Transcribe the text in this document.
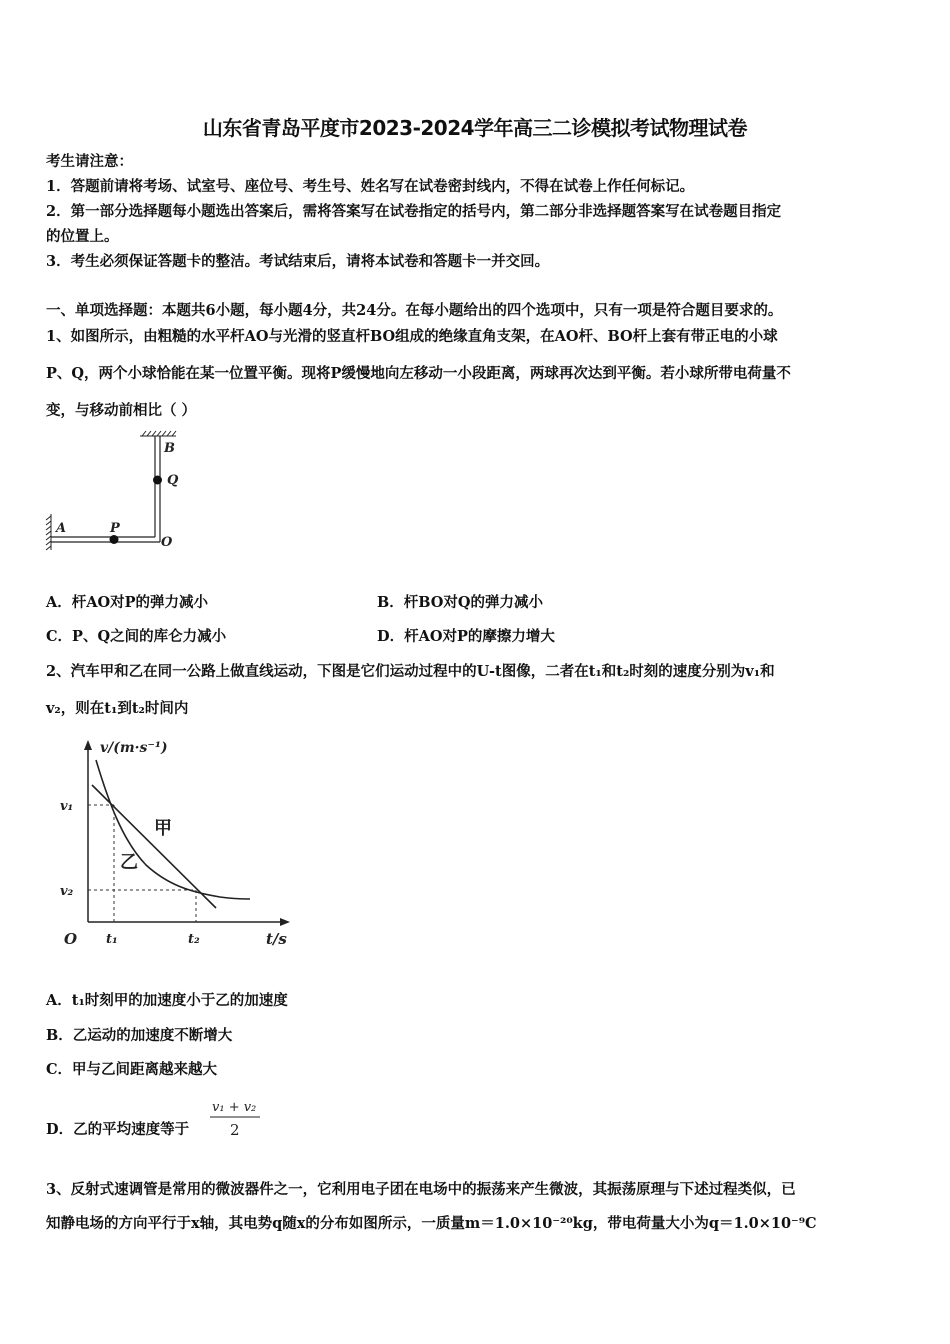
山东省青岛平度市2023-2024学年高三二诊模拟考试物理试卷
考生请注意：
1．答题前请将考场、试室号、座位号、考生号、姓名写在试卷密封线内，不得在试卷上作任何标记。
2．第一部分选择题每小题选出答案后，需将答案写在试卷指定的括号内，第二部分非选择题答案写在试卷题目指定
的位置上。
3．考生必须保证答题卡的整洁。考试结束后，请将本试卷和答题卡一并交回。
一、单项选择题：本题共6小题，每小题4分，共24分。在每小题给出的四个选项中，只有一项是符合题目要求的。
1、如图所示，由粗糙的水平杆AO与光滑的竖直杆BO组成的绝缘直角支架，在AO杆、BO杆上套有带正电的小球
P、Q，两个小球恰能在某一位置平衡。现将P缓慢地向左移动一小段距离，两球再次达到平衡。若小球所带电荷量不
变，与移动前相比（ ）
B
Q
A	P
O
A．杆AO对P的弹力减小	B．杆BO对Q的弹力减小
C．P、Q之间的库仑力减小	D．杆AO对P的摩擦力增大
2、汽车甲和乙在同一公路上做直线运动，下图是它们运动过程中的U-t图像，二者在t₁和t₂时刻的速度分别为v₁和
v₂，则在t₁到t₂时间内
v/(m·s⁻¹)
t/s
O
v₁
v₂
t₁	t₂
甲
乙
A．t₁时刻甲的加速度小于乙的加速度
B．乙运动的加速度不断增大
C．甲与乙间距离越来越大
D．乙的平均速度等于
v₁ + v₂
2
3、反射式速调管是常用的微波器件之一，它利用电子团在电场中的振荡来产生微波，其振荡原理与下述过程类似，已
知静电场的方向平行于x轴，其电势q随x的分布如图所示，一质量m＝1.0×10⁻²⁰kg，带电荷量大小为q＝1.0×10⁻⁹C
